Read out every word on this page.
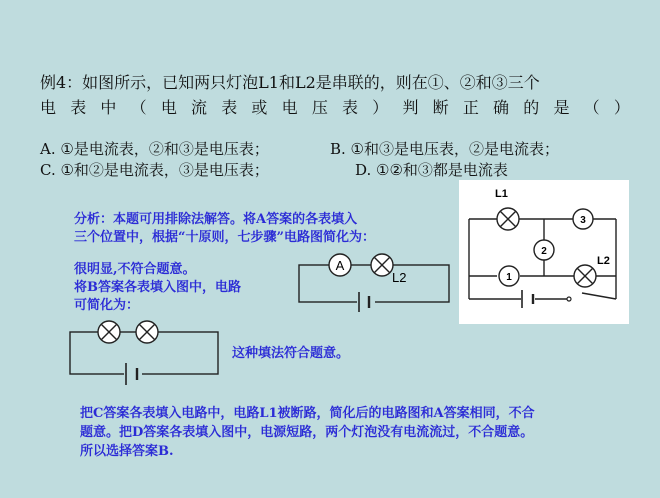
例4：如图所示，已知两只灯泡L1和L2是串联的，则在①、②和③三个
电 表 中 （ 电 流 表 或 电 压 表 ） 判 断 正 确 的 是 （ ）
A. ①是电流表，②和③是电压表；	B. ①和③是电压表，②是电流表；
C. ①和②是电流表，③是电压表；	D. ①②和③都是电流表
L1
3
2
1
L2
分析：本题可用排除法解答。将A答案的各表填入
三个位置中，根据“十原则，七步骤”电路图简化为：
很明显,不符合题意。
将B答案各表填入图中，电路
可简化为：
这种填法符合题意。
A
L2
把C答案各表填入电路中，电路L1被断路，简化后的电路图和A答案相同，不合
题意。把D答案各表填入图中，电源短路，两个灯泡没有电流流过，不合题意。
所以选择答案B.
